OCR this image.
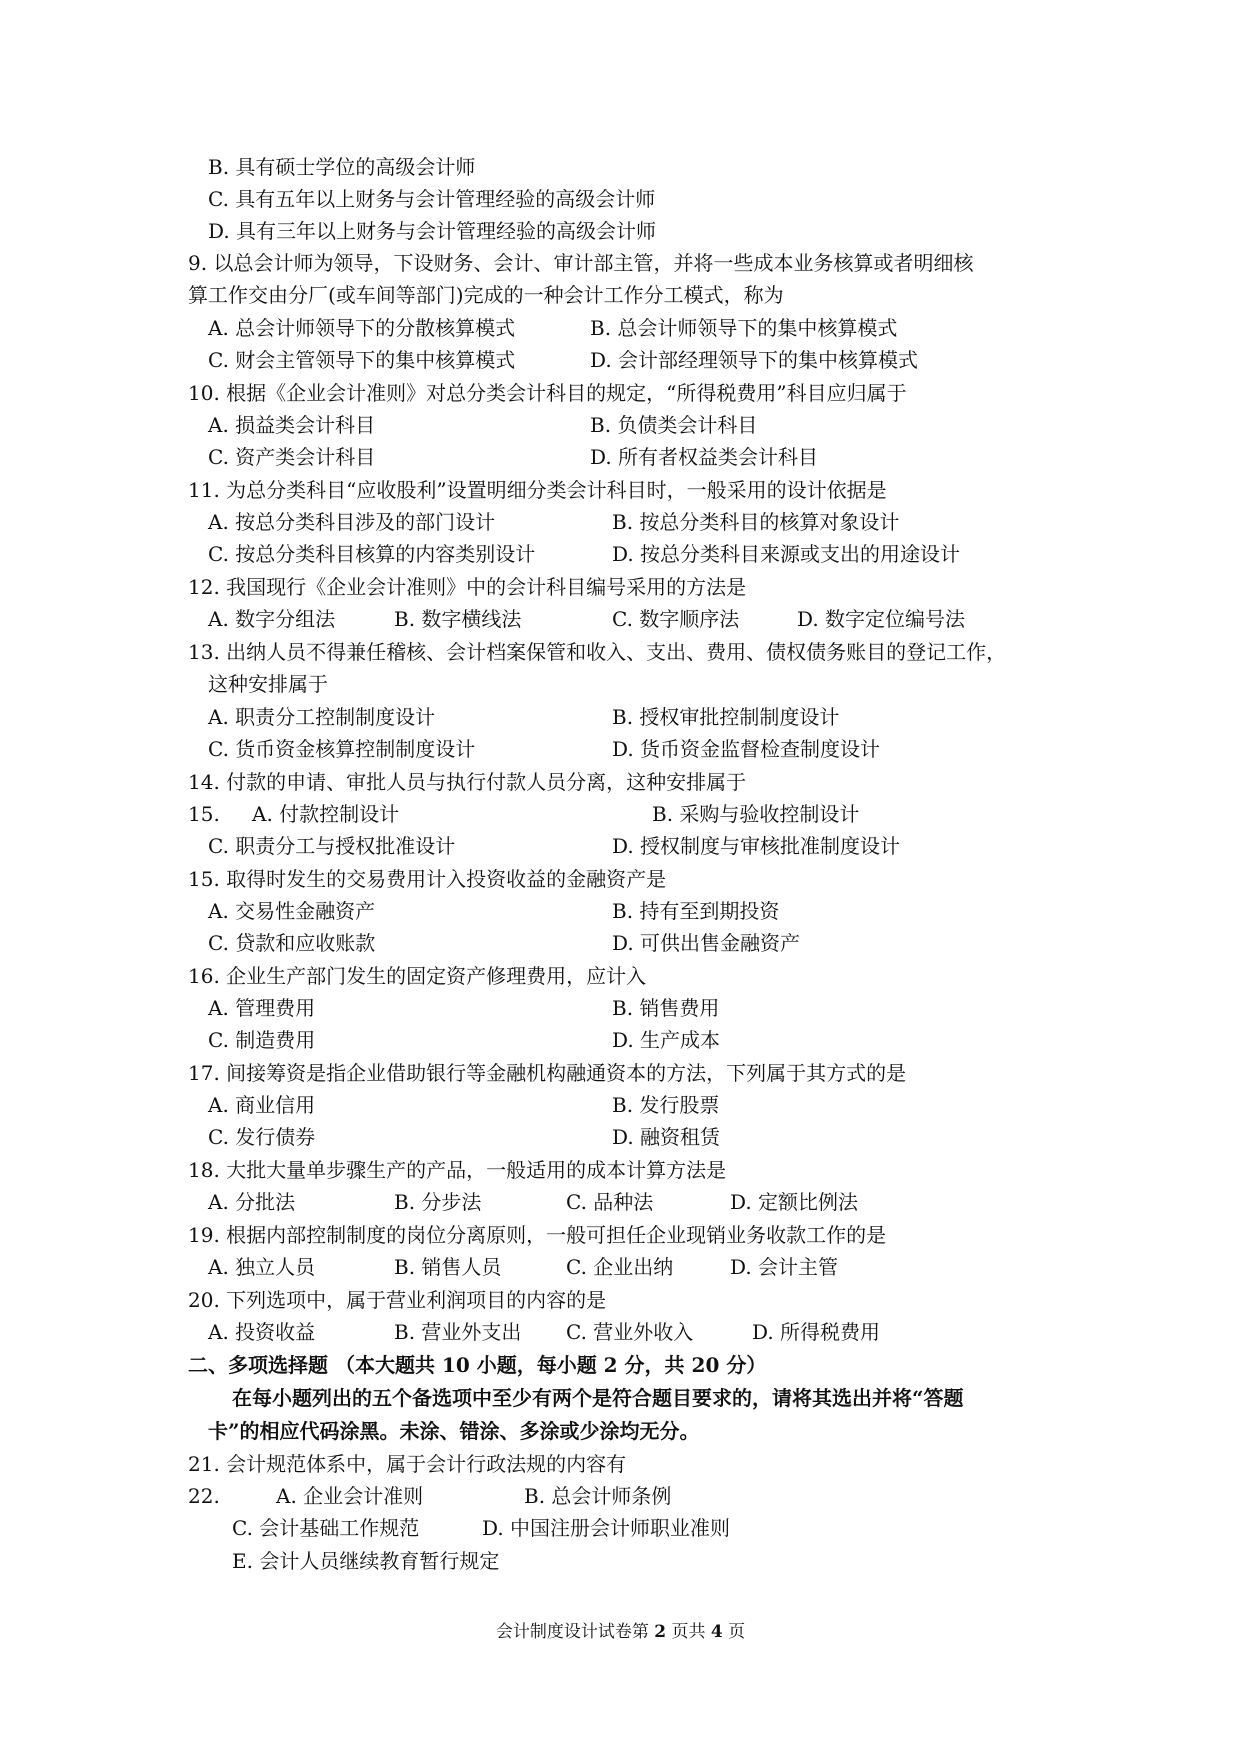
B. 具有硕士学位的高级会计师
C. 具有五年以上财务与会计管理经验的高级会计师
D. 具有三年以上财务与会计管理经验的高级会计师
9. 以总会计师为领导，下设财务、会计、审计部主管，并将一些成本业务核算或者明细核
算工作交由分厂(或车间等部门)完成的一种会计工作分工模式，称为
A. 总会计师领导下的分散核算模式	B. 总会计师领导下的集中核算模式
C. 财会主管领导下的集中核算模式	D. 会计部经理领导下的集中核算模式
10. 根据《企业会计准则》对总分类会计科目的规定，“所得税费用”科目应归属于
A. 损益类会计科目	B. 负债类会计科目
C. 资产类会计科目	D. 所有者权益类会计科目
11. 为总分类科目“应收股利”设置明细分类会计科目时，一般采用的设计依据是
A. 按总分类科目涉及的部门设计	B. 按总分类科目的核算对象设计
C. 按总分类科目核算的内容类别设计	D. 按总分类科目来源或支出的用途设计
12. 我国现行《企业会计准则》中的会计科目编号采用的方法是
A. 数字分组法	B. 数字横线法	C. 数字顺序法	D. 数字定位编号法
13. 出纳人员不得兼任稽核、会计档案保管和收入、支出、费用、债权债务账目的登记工作，
这种安排属于
A. 职责分工控制制度设计	B. 授权审批控制制度设计
C. 货币资金核算控制制度设计	D. 货币资金监督检查制度设计
14. 付款的申请、审批人员与执行付款人员分离，这种安排属于
15. A. 付款控制设计	B. 采购与验收控制设计
C. 职责分工与授权批准设计	D. 授权制度与审核批准制度设计
15. 取得时发生的交易费用计入投资收益的金融资产是
A. 交易性金融资产	B. 持有至到期投资
C. 贷款和应收账款	D. 可供出售金融资产
16. 企业生产部门发生的固定资产修理费用，应计入
A. 管理费用	B. 销售费用
C. 制造费用	D. 生产成本
17. 间接筹资是指企业借助银行等金融机构融通资本的方法，下列属于其方式的是
A. 商业信用	B. 发行股票
C. 发行债券	D. 融资租赁
18. 大批大量单步骤生产的产品，一般适用的成本计算方法是
A. 分批法	B. 分步法	C. 品种法	D. 定额比例法
19. 根据内部控制制度的岗位分离原则，一般可担任企业现销业务收款工作的是
A. 独立人员	B. 销售人员	C. 企业出纳	D. 会计主管
20. 下列选项中，属于营业利润项目的内容的是
A. 投资收益	B. 营业外支出 C. 营业外收入	D. 所得税费用
二、多项选择题 （本大题共 10 小题，每小题 2 分，共 20 分）
在每小题列出的五个备选项中至少有两个是符合题目要求的，请将其选出并将“答题
卡”的相应代码涂黑。未涂、错涂、多涂或少涂均无分。
21. 会计规范体系中，属于会计行政法规的内容有
22.	A. 企业会计准则	B. 总会计师条例
C. 会计基础工作规范	D. 中国注册会计师职业准则
E. 会计人员继续教育暂行规定
会计制度设计试卷第 2 页共 4 页
